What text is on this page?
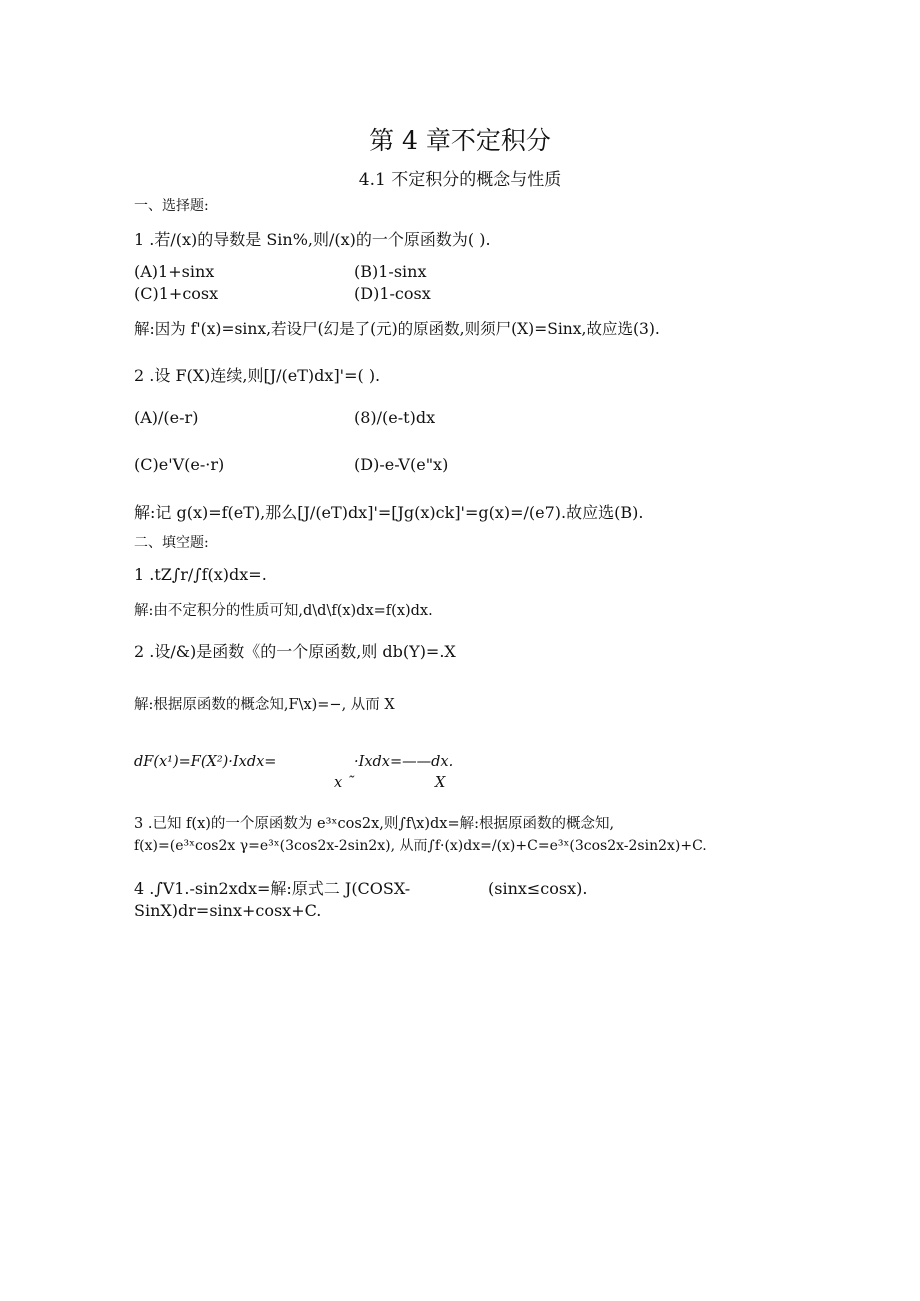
第 4 章不定积分
4.1 不定积分的概念与性质
一、选择题:
1 .若/(x)的导数是 Sin%,则/(x)的一个原函数为( ).
(A)1+sinx	(B)1-sinx
(C)1+cosx	(D)1-cosx
解:因为 f'(x)=sinx,若设尸(幻是了(元)的原函数,则须尸(X)=Sinx,故应选(3).
2 .设 F(X)连续,则[J/(eT)dx]'=( ).
(A)/(e-r)	(8)/(e-t)dx
(C)e'V(e-·r)	(D)-e-V(e"x)
解:记 g(x)=f(eT),那么[J/(eT)dx]'=[Jg(x)ck]'=g(x)=/(e7).故应选(B).
二、填空题:
1 .tZ∫r/∫f(x)dx=.
解:由不定积分的性质可知,d\d\f(x)dx=f(x)dx.
2 .设/&)是函数《的一个原函数,则 db(Y)=.X
解:根据原函数的概念知,F\x)=−, 从而 X
dF(x¹)=F(X²)·Ixdx=	·Ixdx=——dx.
x ˜	X
3 .已知 f(x)的一个原函数为 e³ˣcos2x,则∫f\x)dx=解:根据原函数的概念知,
f(x)=(e³ˣcos2x γ=e³ˣ(3cos2x-2sin2x), 从而∫f·(x)dx=/(x)+C=e³ˣ(3cos2x-2sin2x)+C.
4 .∫V1.-sin2xdx=解:原式二 J(COSX-	(sinx≤cosx).
SinX)dr=sinx+cosx+C.
